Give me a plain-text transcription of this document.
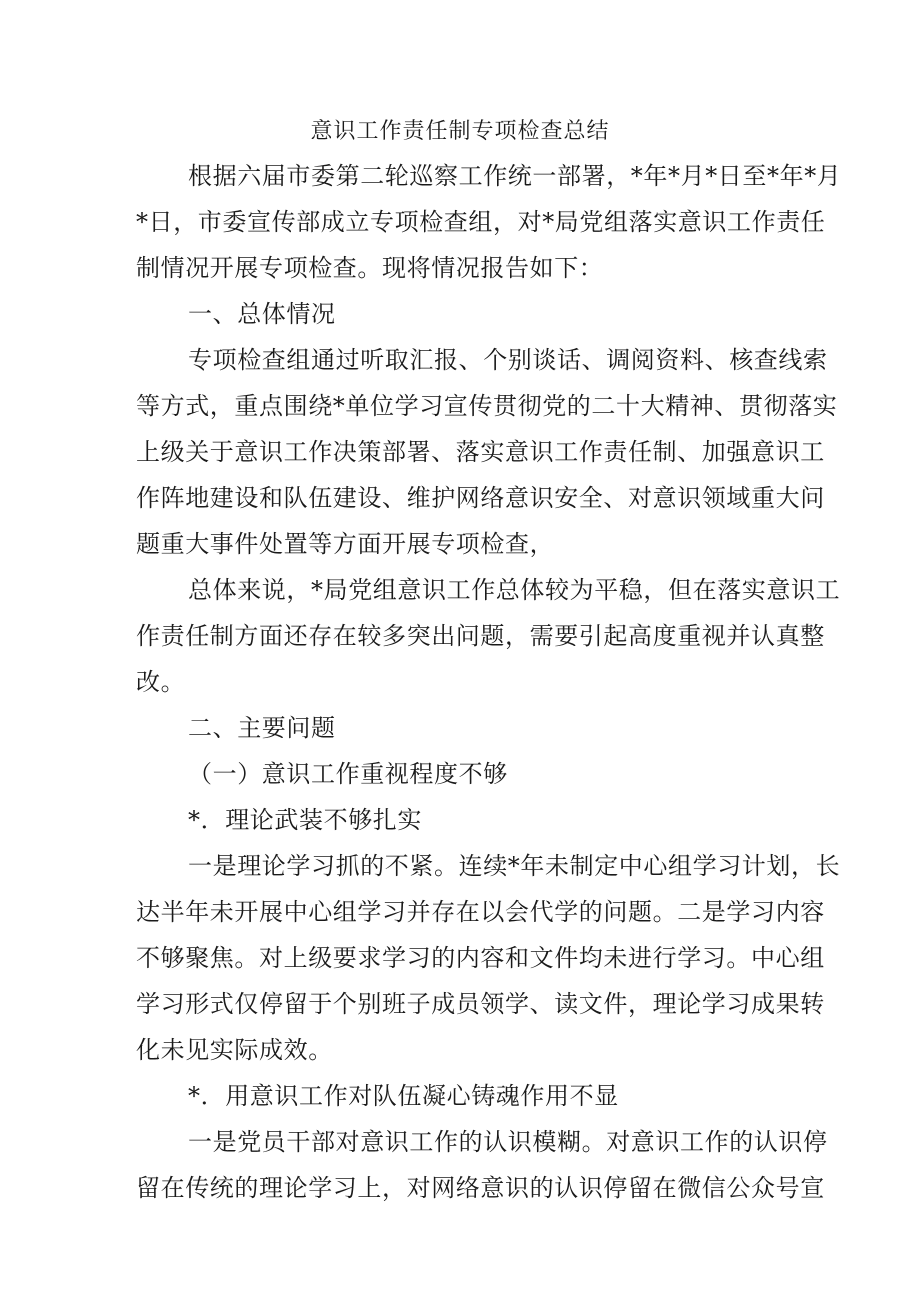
意识工作责任制专项检查总结

根据六届市委第二轮巡察工作统一部署，*年*月*日至*年*月

*日，市委宣传部成立专项检查组，对*局党组落实意识工作责任

制情况开展专项检查。现将情况报告如下：

一、总体情况

专项检查组通过听取汇报、个别谈话、调阅资料、核查线索

等方式，重点围绕*单位学习宣传贯彻党的二十大精神、贯彻落实

上级关于意识工作决策部署、落实意识工作责任制、加强意识工

作阵地建设和队伍建设、维护网络意识安全、对意识领域重大问

题重大事件处置等方面开展专项检查，

总体来说，*局党组意识工作总体较为平稳，但在落实意识工

作责任制方面还存在较多突出问题，需要引起高度重视并认真整

改。

二、主要问题

（一）意识工作重视程度不够

*．理论武装不够扎实

一是理论学习抓的不紧。连续*年未制定中心组学习计划，长

达半年未开展中心组学习并存在以会代学的问题。二是学习内容

不够聚焦。对上级要求学习的内容和文件均未进行学习。中心组

学习形式仅停留于个别班子成员领学、读文件，理论学习成果转

化未见实际成效。

*．用意识工作对队伍凝心铸魂作用不显

一是党员干部对意识工作的认识模糊。对意识工作的认识停

留在传统的理论学习上，对网络意识的认识停留在微信公众号宣
